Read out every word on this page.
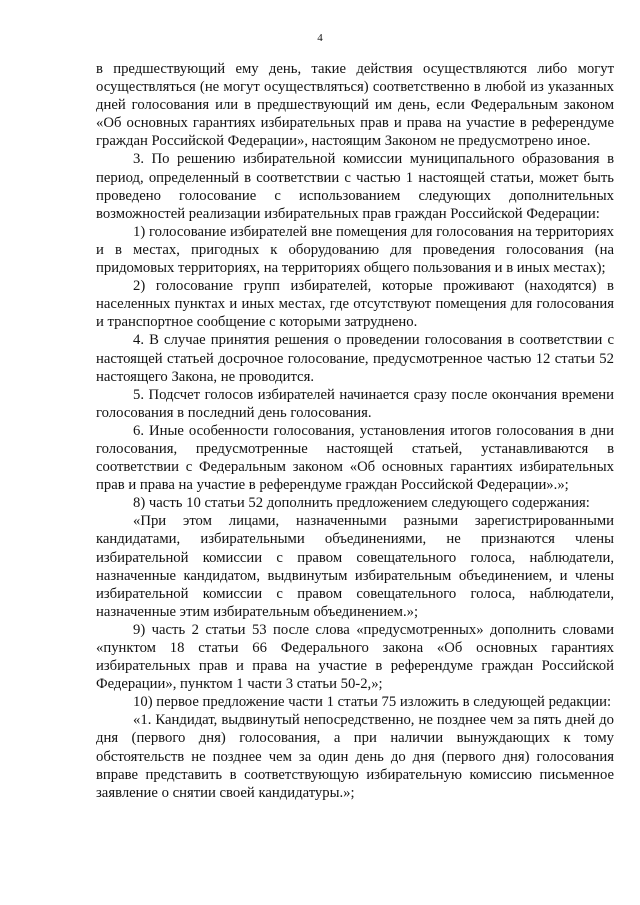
4

в предшествующий ему день, такие действия осуществляются либо могут осуществляться (не могут осуществляться) соответственно в любой из указанных дней голосования или в предшествующий им день, если Федеральным законом «Об основных гарантиях избирательных прав и права на участие в референдуме граждан Российской Федерации», настоящим Законом не предусмотрено иное.

3. По решению избирательной комиссии муниципального образования в период, определенный в соответствии с частью 1 настоящей статьи, может быть проведено голосование с использованием следующих дополнительных возможностей реализации избирательных прав граждан Российской Федерации:

1) голосование избирателей вне помещения для голосования на территориях и в местах, пригодных к оборудованию для проведения голосования (на придомовых территориях, на территориях общего пользования и в иных местах);

2) голосование групп избирателей, которые проживают (находятся) в населенных пунктах и иных местах, где отсутствуют помещения для голосования и транспортное сообщение с которыми затруднено.

4. В случае принятия решения о проведении голосования в соответствии с настоящей статьей досрочное голосование, предусмотренное частью 12 статьи 52 настоящего Закона, не проводится.

5. Подсчет голосов избирателей начинается сразу после окончания времени голосования в последний день голосования.

6. Иные особенности голосования, установления итогов голосования в дни голосования, предусмотренные настоящей статьей, устанавливаются в соответствии с Федеральным законом «Об основных гарантиях избирательных прав и права на участие в референдуме граждан Российской Федерации».»;

8) часть 10 статьи 52 дополнить предложением следующего содержания:

«При этом лицами, назначенными разными зарегистрированными кандидатами, избирательными объединениями, не признаются члены избирательной комиссии с правом совещательного голоса, наблюдатели, назначенные кандидатом, выдвинутым избирательным объединением, и члены избирательной комиссии с правом совещательного голоса, наблюдатели, назначенные этим избирательным объединением.»;

9) часть 2 статьи 53 после слова «предусмотренных» дополнить словами «пунктом 18 статьи 66 Федерального закона «Об основных гарантиях избирательных прав и права на участие в референдуме граждан Российской Федерации», пунктом 1 части 3 статьи 50-2,»;

10) первое предложение части 1 статьи 75 изложить в следующей редакции:

«1. Кандидат, выдвинутый непосредственно, не позднее чем за пять дней до дня (первого дня) голосования, а при наличии вынуждающих к тому обстоятельств не позднее чем за один день до дня (первого дня) голосования вправе представить в соответствующую избирательную комиссию письменное заявление о снятии своей кандидатуры.»;
